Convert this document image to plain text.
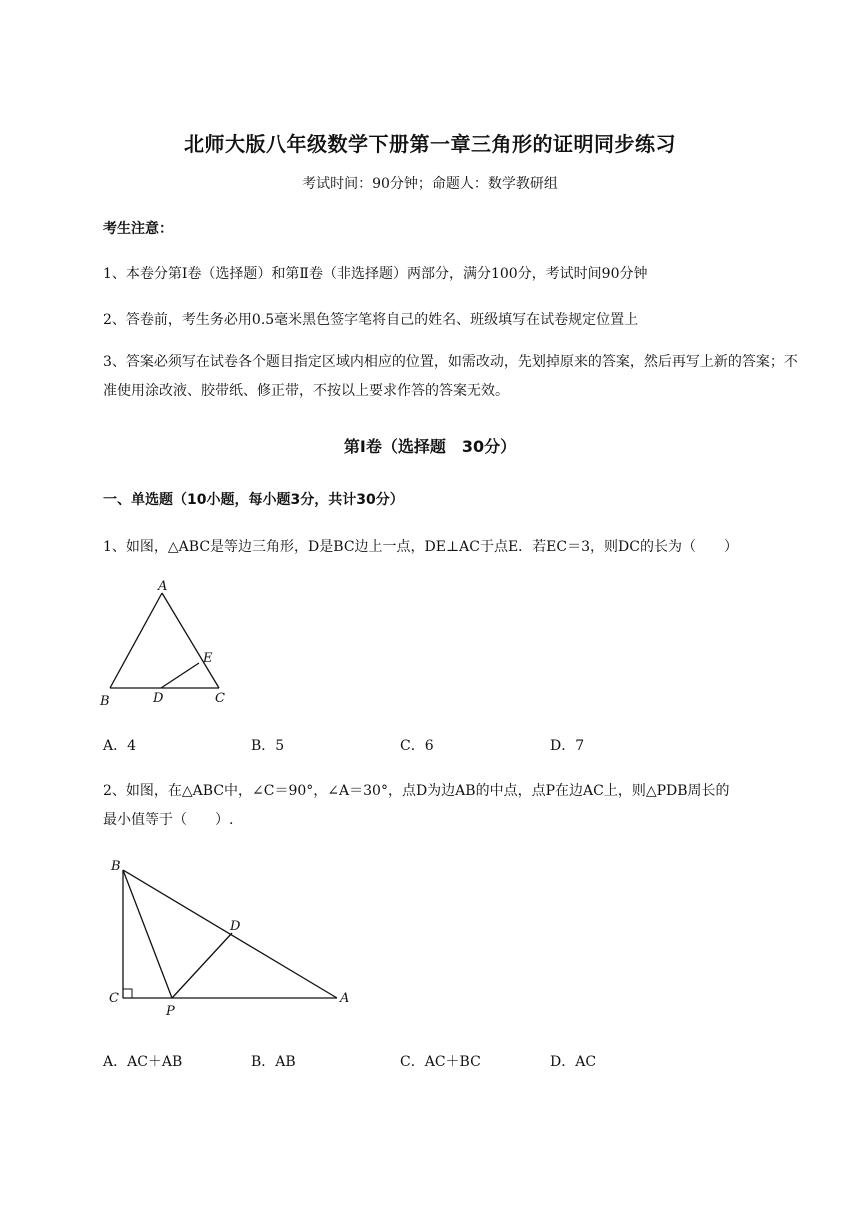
北师大版八年级数学下册第一章三角形的证明同步练习
考试时间：90分钟；命题人：数学教研组
考生注意：
1、本卷分第Ⅰ卷（选择题）和第Ⅱ卷（非选择题）两部分，满分100分，考试时间90分钟
2、答卷前，考生务必用0.5毫米黑色签字笔将自己的姓名、班级填写在试卷规定位置上
3、答案必须写在试卷各个题目指定区域内相应的位置，如需改动，先划掉原来的答案，然后再写上新的答案；不准使用涂改液、胶带纸、修正带，不按以上要求作答的答案无效。
第Ⅰ卷（选择题　30分）
一、单选题（10小题，每小题3分，共计30分）
1、如图，△ABC是等边三角形，D是BC边上一点，DE⊥AC于点E．若EC＝3，则DC的长为（　　）
A
B	D	C
E
A．4	B．5	C．6	D．7
2、如图，在△ABC中，∠C＝90°，∠A＝30°，点D为边AB的中点，点P在边AC上，则△PDB周长的
最小值等于（　　）.
B
D
C
P
A
A．AC＋AB	B．AB	C．AC＋BC	D．AC
